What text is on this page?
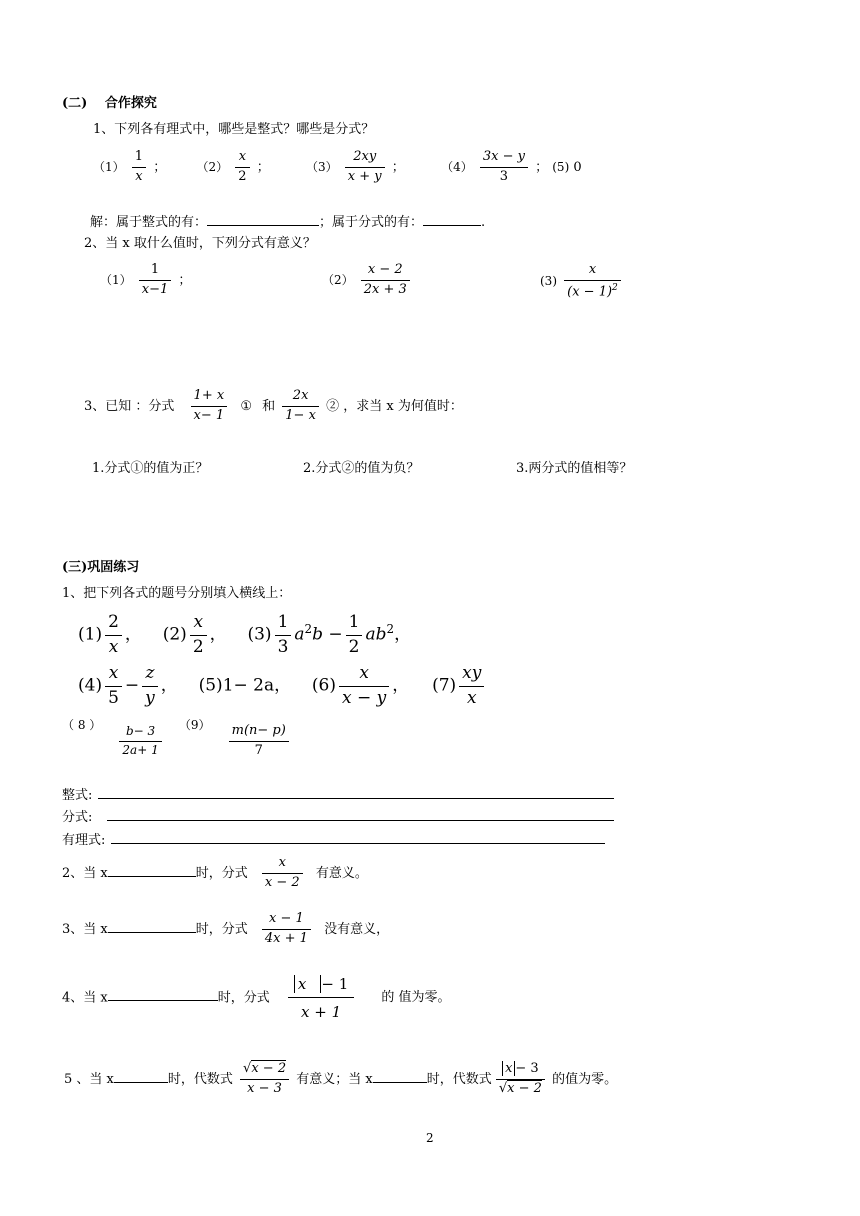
(二)　 合作探究
1、下列各有理式中，哪些是整式？哪些是分式？
$(1) \frac{1}{x}$ ；	$(2) \frac{x}{2}$ ；	$(3) \frac{2xy}{x + y}$ ；	$(4) \frac{3x - y}{3}$ ； (5) 0
解：属于整式的有：	；属于分式的有：	.
2、当 x 取什么值时，下列分式有意义？
$(1) \frac{1}{x-1}$ ；	$(2) \frac{x - 2}{2x + 3}$	$(3) \frac{x}{(x - 1)^2}$
3、已知 ：分式 $\frac{1+ x}{x- 1}$ ① 和 $\frac{2x}{1- x}$ ② ，求当 x 为何值时：
1.分式①的值为正？	2.分式②的值为负？	3.两分式的值相等？
(三)巩固练习
1、把下列各式的题号分别填入横线上：
$(1) \frac{2}{x}$ ， $(2) \frac{x}{2}$ ， $(3) \frac{1}{3} a^2b - \frac{1}{2} ab^2$，
$(4) \frac{x}{5} - \frac{z}{y}$ ， (5)1− 2a， $(6) \frac{x}{x - y}$ ， $(7) \frac{xy}{x}$
（ 8 ）
$\frac{b- 3}{2a+ 1}$
$(9) \frac{m(n- p)}{7}$
整式:
分式:
有理式:
2、当 x	时，分式 $\frac{x}{x - 2}$ 有意义。
3、当 x	时，分式 $\frac{x - 1}{4x + 1}$ 没有意义，
4、当 x	时，分式 $\frac{x - 1}{x + 1}$ 的 值为零。
5 、当 x	时，代数式 $\frac{√x - 2}{x - 3}$ 有意义；当 x	时，代数式 $\frac{x - 3}{√x - 2}$ 的值为零。
2
